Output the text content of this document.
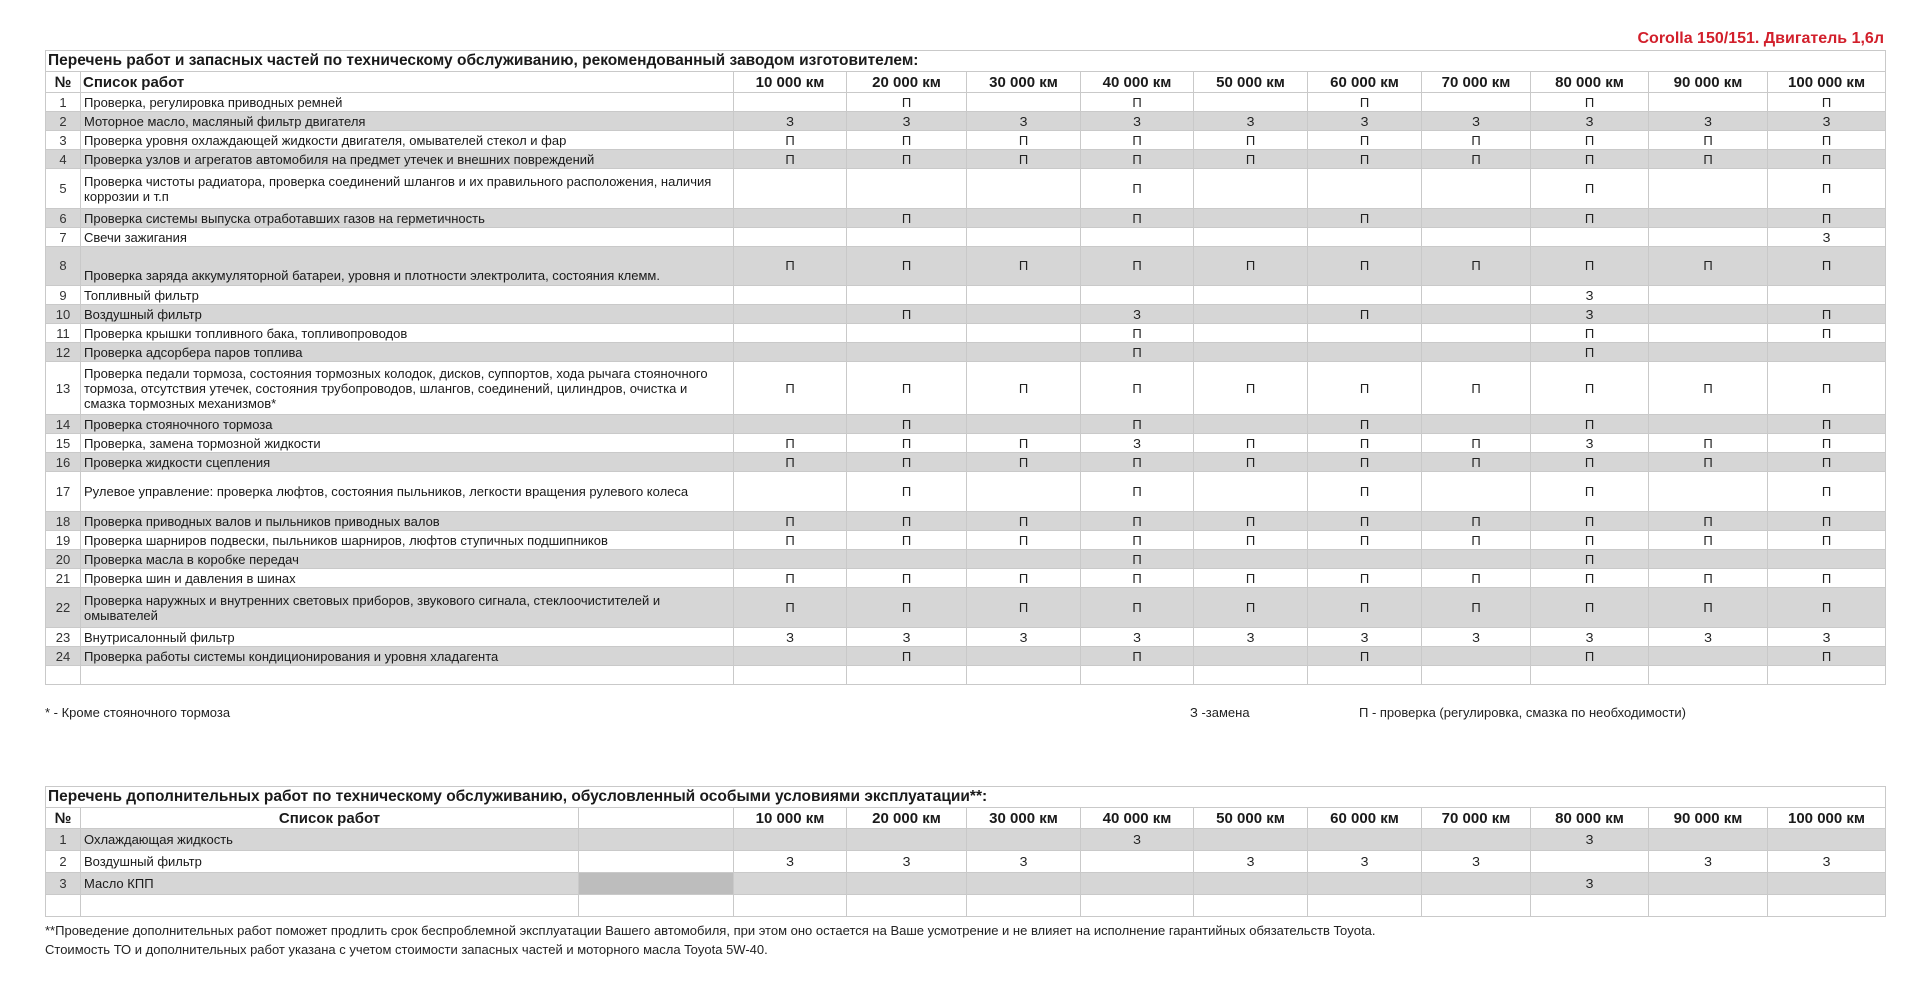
Corolla 150/151. Двигатель 1,6л
Перечень работ и запасных частей по техническому обслуживанию, рекомендованный заводом изготовителем:											
№	Список работ	10 000 км	20 000 км	30 000 км	40 000 км	50 000 км	60 000 км	70 000 км	80 000 км	90 000 км	100 000 км
1	Проверка, регулировка приводных ремней		П		П		П		П		П
2	Моторное масло, масляный фильтр двигателя	З	З	З	З	З	З	З	З	З	З
3	Проверка уровня охлаждающей жидкости двигателя, омывателей стекол и фар	П	П	П	П	П	П	П	П	П	П
4	Проверка узлов и агрегатов автомобиля на предмет утечек и внешних повреждений	П	П	П	П	П	П	П	П	П	П
5	Проверка чистоты радиатора, проверка соединений шлангов и их правильного расположения, наличия коррозии и т.п				П				П		П
6	Проверка системы выпуска отработавших газов на герметичность		П		П		П		П		П
7	Свечи зажигания										З
8	Проверка заряда аккумуляторной батареи, уровня и плотности электролита, состояния клемм.	П	П	П	П	П	П	П	П	П	П
9	Топливный фильтр								З		
10	Воздушный фильтр		П		З		П		З		П
11	Проверка крышки топливного бака, топливопроводов				П				П		П
12	Проверка адсорбера паров топлива				П				П		
13	Проверка педали тормоза, состояния тормозных колодок, дисков, суппортов, хода рычага стояночного тормоза, отсутствия утечек, состояния трубопроводов, шлангов, соединений, цилиндров, очистка и смазка тормозных механизмов*	П	П	П	П	П	П	П	П	П	П
14	Проверка стояночного тормоза		П		П		П		П		П
15	Проверка, замена тормозной жидкости	П	П	П	З	П	П	П	З	П	П
16	Проверка жидкости сцепления	П	П	П	П	П	П	П	П	П	П
17	Рулевое управление: проверка люфтов, состояния пыльников, легкости вращения рулевого колеса		П		П		П		П		П
18	Проверка приводных валов и пыльников приводных валов	П	П	П	П	П	П	П	П	П	П
19	Проверка шарниров подвески, пыльников шарниров, люфтов ступичных подшипников	П	П	П	П	П	П	П	П	П	П
20	Проверка масла в коробке передач				П				П		
21	Проверка шин и давления в шинах	П	П	П	П	П	П	П	П	П	П
22	Проверка наружных и внутренних световых приборов, звукового сигнала, стеклоочистителей и омывателей	П	П	П	П	П	П	П	П	П	П
23	Внутрисалонный фильтр	З	З	З	З	З	З	З	З	З	З
24	Проверка работы системы кондиционирования и уровня хладагента		П		П		П		П		П

* - Кроме стояночного тормоза	З -замена	П - проверка (регулировка, смазка по необходимости)
Перечень дополнительных работ по техническому обслуживанию, обусловленный особыми условиями эксплуатации**:												
№	Список работ		10 000 км	20 000 км	30 000 км	40 000 км	50 000 км	60 000 км	70 000 км	80 000 км	90 000 км	100 000 км
1	Охлаждающая жидкость					З				З		
2	Воздушный фильтр		З	З	З		З	З	З		З	З
3	Масло КПП									З		

**Проведение дополнительных работ поможет продлить срок беспроблемной эксплуатации Вашего автомобиля, при этом оно остается на Ваше усмотрение и не влияет на исполнение гарантийных обязательств Toyota.
Стоимость ТО и дополнительных работ указана с учетом стоимости запасных частей и моторного масла Toyota 5W-40.
